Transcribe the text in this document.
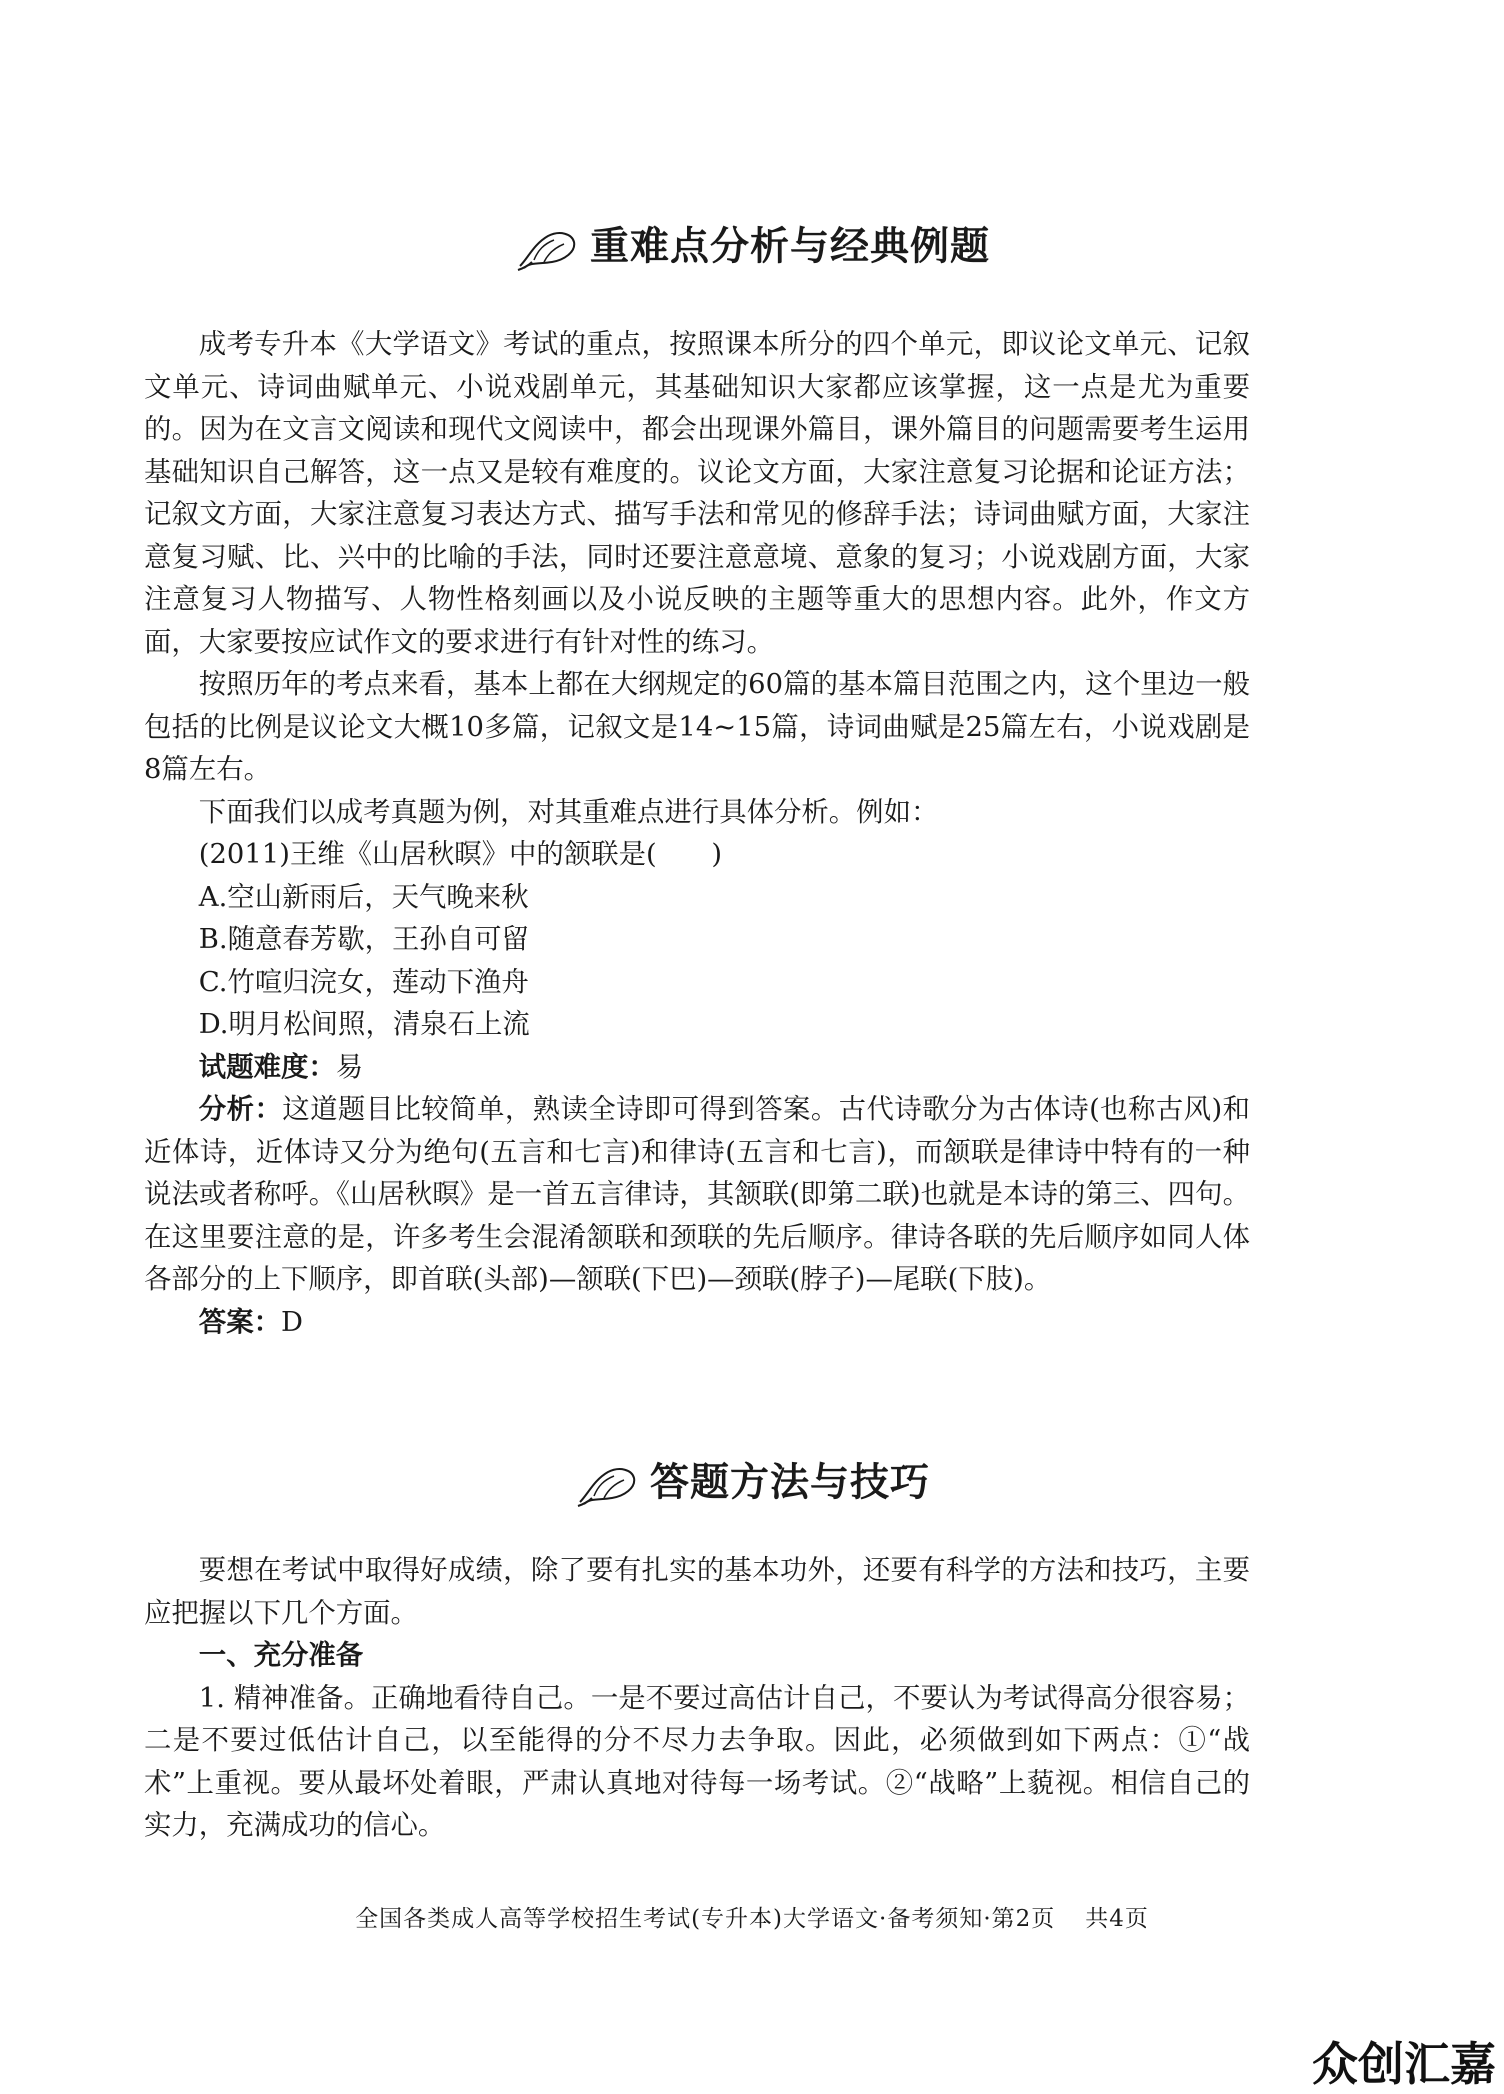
重难点分析与经典例题

成考专升本《大学语文》考试的重点，按照课本所分的四个单元，即议论文单元、记叙文单元、诗词曲赋单元、小说戏剧单元，其基础知识大家都应该掌握，这一点是尤为重要的。因为在文言文阅读和现代文阅读中，都会出现课外篇目，课外篇目的问题需要考生运用基础知识自己解答，这一点又是较有难度的。议论文方面，大家注意复习论据和论证方法；记叙文方面，大家注意复习表达方式、描写手法和常见的修辞手法；诗词曲赋方面，大家注意复习赋、比、兴中的比喻的手法，同时还要注意意境、意象的复习；小说戏剧方面，大家注意复习人物描写、人物性格刻画以及小说反映的主题等重大的思想内容。此外，作文方面，大家要按应试作文的要求进行有针对性的练习。

按照历年的考点来看，基本上都在大纲规定的60篇的基本篇目范围之内，这个里边一般包括的比例是议论文大概10多篇，记叙文是14~15篇，诗词曲赋是25篇左右，小说戏剧是8篇左右。

下面我们以成考真题为例，对其重难点进行具体分析。例如：

(2011)王维《山居秋暝》中的颔联是(　　)

A.空山新雨后，天气晚来秋

B.随意春芳歇，王孙自可留

C.竹喧归浣女，莲动下渔舟

D.明月松间照，清泉石上流

试题难度：易

分析：这道题目比较简单，熟读全诗即可得到答案。古代诗歌分为古体诗(也称古风)和近体诗，近体诗又分为绝句(五言和七言)和律诗(五言和七言)，而颔联是律诗中特有的一种说法或者称呼。《山居秋暝》是一首五言律诗，其颔联(即第二联)也就是本诗的第三、四句。在这里要注意的是，许多考生会混淆颔联和颈联的先后顺序。律诗各联的先后顺序如同人体各部分的上下顺序，即首联(头部)—颔联(下巴)—颈联(脖子)—尾联(下肢)。

答案：D

答题方法与技巧

要想在考试中取得好成绩，除了要有扎实的基本功外，还要有科学的方法和技巧，主要应把握以下几个方面。

一、充分准备

1. 精神准备。正确地看待自己。一是不要过高估计自己，不要认为考试得高分很容易；二是不要过低估计自己，以至能得的分不尽力去争取。因此，必须做到如下两点：①“战术”上重视。要从最坏处着眼，严肃认真地对待每一场考试。②“战略”上藐视。相信自己的实力，充满成功的信心。

全国各类成人高等学校招生考试(专升本)大学语文·备考须知·第2页 共4页
众创汇嘉
